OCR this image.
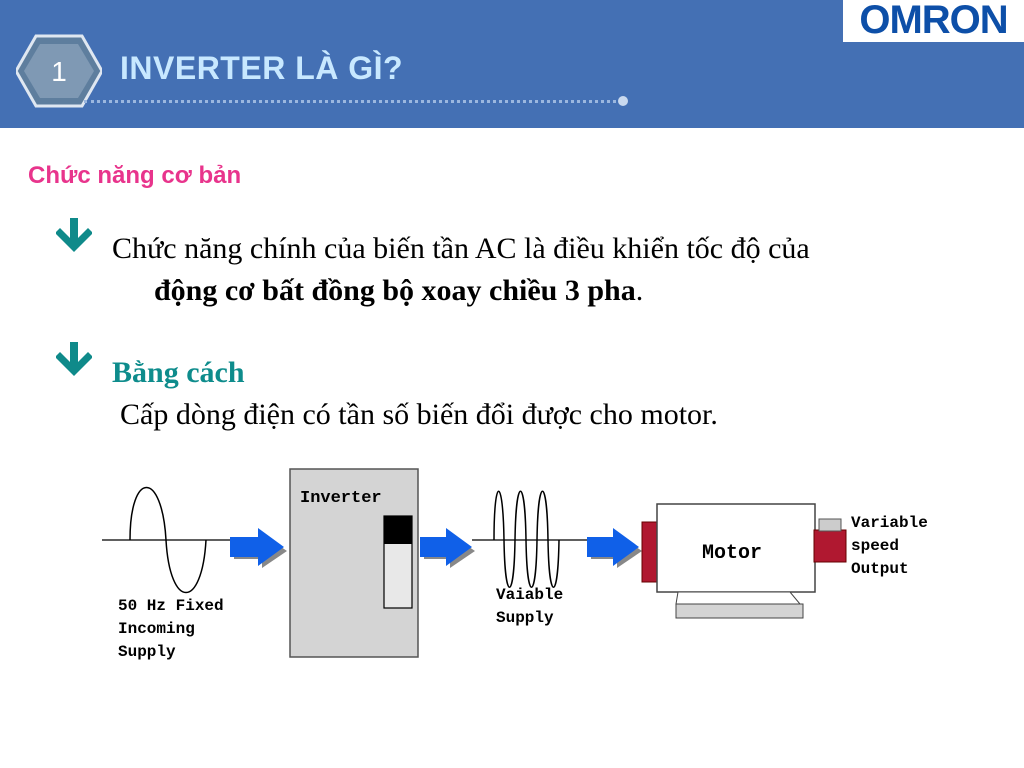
1	INVERTER LÀ GÌ?
OMRON
Chức năng cơ bản
Chức năng chính của biến tần AC là điều khiển tốc độ của
động cơ bất đồng bộ xoay chiều 3 pha.
Bằng cách
Cấp dòng điện có tần số biến đổi được cho motor.
Inverter
Motor
50 Hz Fixed
Incoming
Supply
Vaiable
Supply
Variable
speed
Output
